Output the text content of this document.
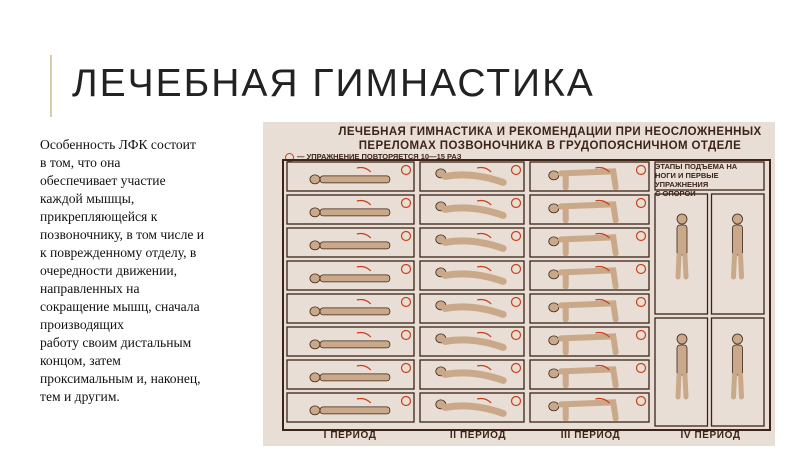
ЛЕЧЕБНАЯ ГИМНАСТИКА
Особенность ЛФК состоит
в том, что она
обеспечивает участие
каждой мышцы,
прикрепляющейся к
позвоночнику, в том числе и
к поврежденному отделу, в
очередности движении,
направленных на
сокращение мышц, сначала
производящих
работу своим дистальным
концом, затем
проксимальным и, наконец,
тем и другим.
ЛЕЧЕБНАЯ ГИМНАСТИКА И РЕКОМЕНДАЦИИ ПРИ НЕОСЛОЖНЕННЫХ
ПЕРЕЛОМАХ ПОЗВОНОЧНИКА В ГРУДОПОЯСНИЧНОМ ОТДЕЛЕ
— УПРАЖНЕНИЕ ПОВТОРЯЕТСЯ 10—15 РАЗ
ЭТАПЫ ПОДЪЕМА НА
НОГИ И ПЕРВЫЕ
УПРАЖНЕНИЯ
С ОПОРОЙ
I ПЕРИОД	II ПЕРИОД	III ПЕРИОД	IV ПЕРИОД
